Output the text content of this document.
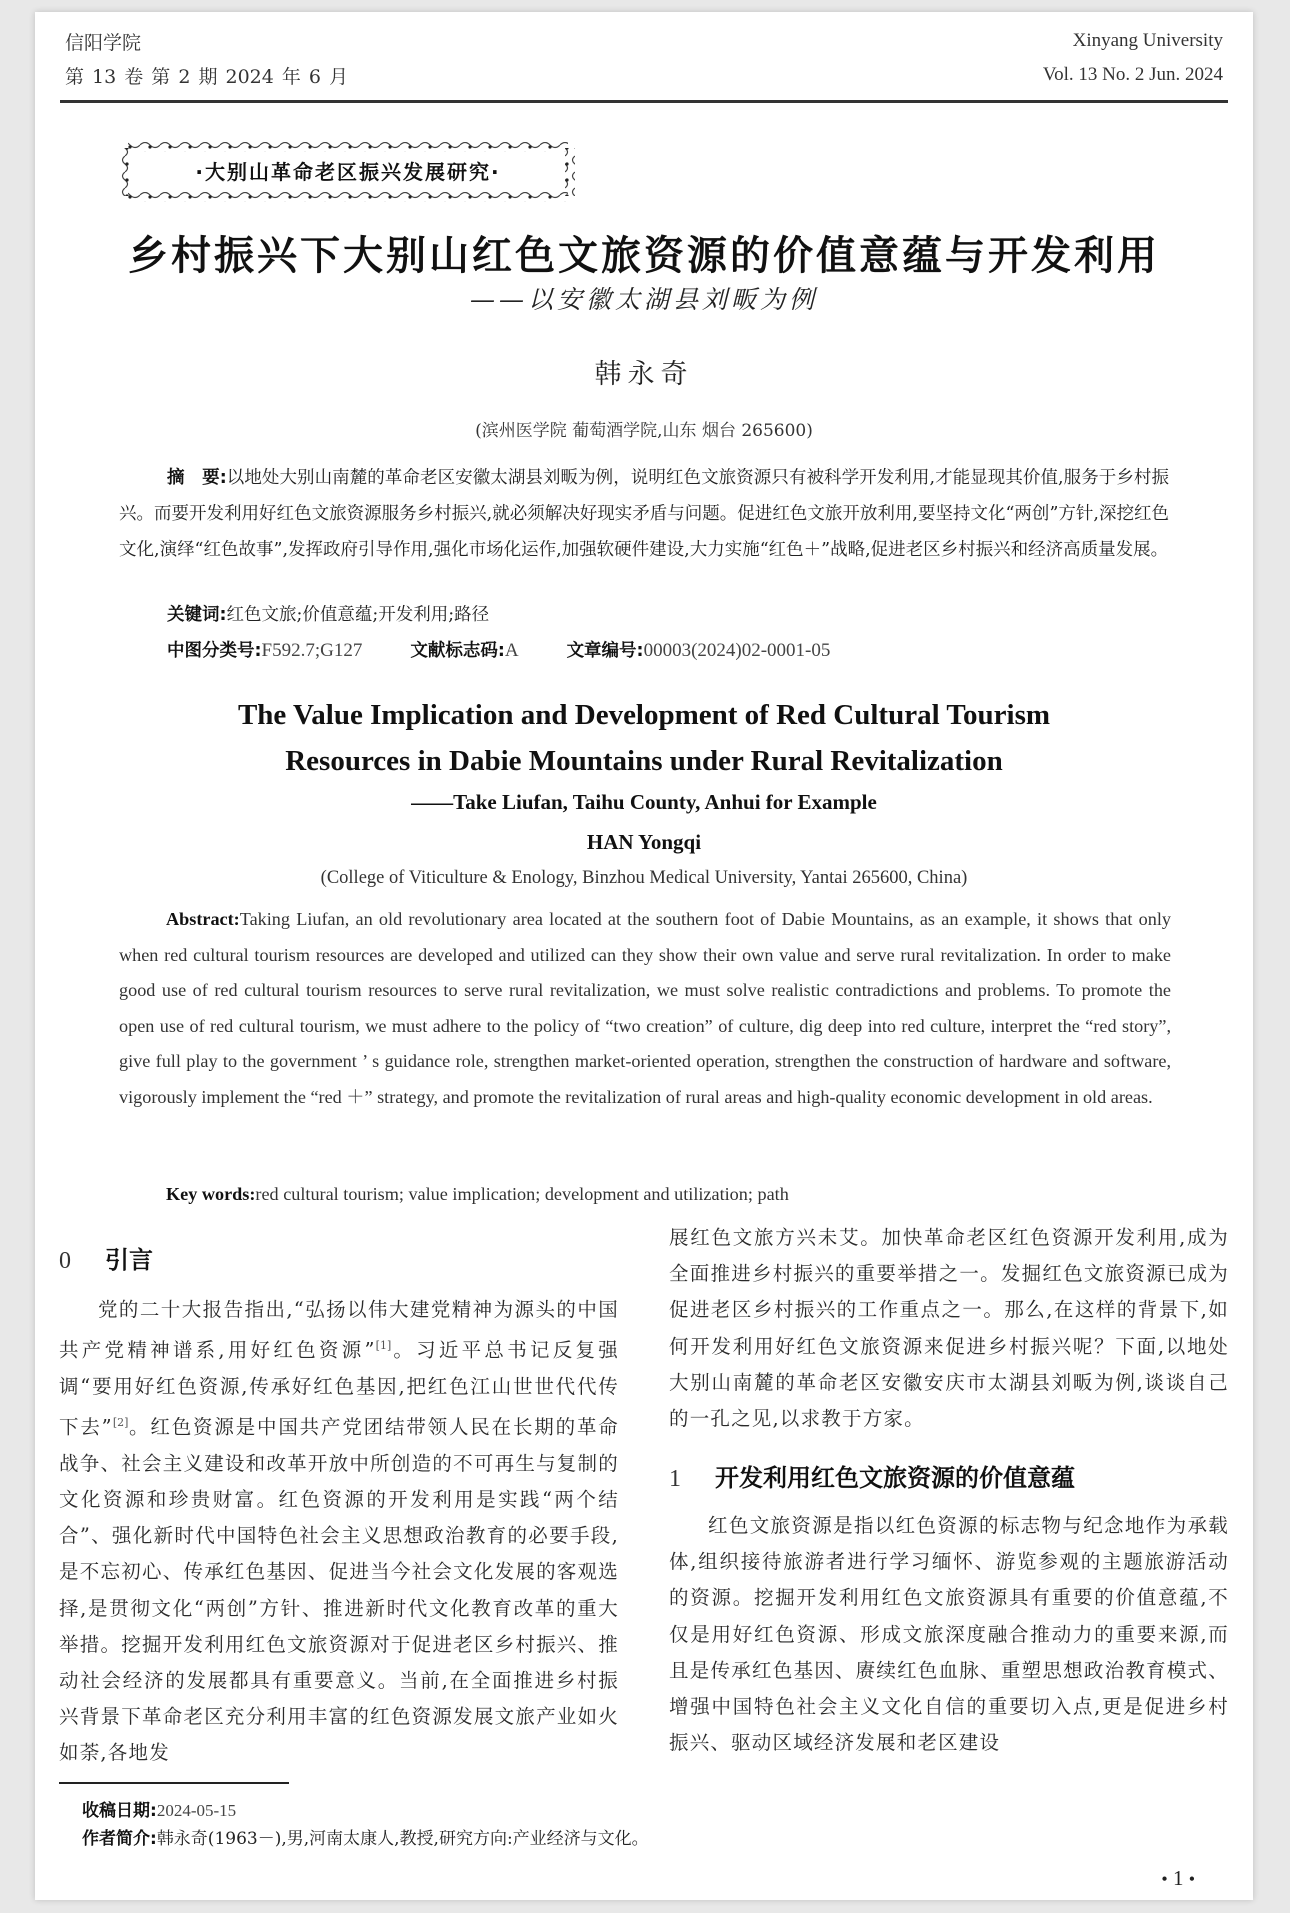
信阳学院
第 13 卷 第 2 期 2024 年 6 月
Xinyang University
Vol. 13 No. 2 Jun. 2024
·大别山革命老区振兴发展研究·
乡村振兴下大别山红色文旅资源的价值意蕴与开发利用
——以安徽太湖县刘畈为例
韩永奇
(滨州医学院 葡萄酒学院,山东 烟台 265600)
摘　要:以地处大别山南麓的革命老区安徽太湖县刘畈为例，说明红色文旅资源只有被科学开发利用,才能显现其价值,服务于乡村振兴。而要开发利用好红色文旅资源服务乡村振兴,就必须解决好现实矛盾与问题。促进红色文旅开放利用,要坚持文化“两创”方针,深挖红色文化,演绎“红色故事”,发挥政府引导作用,强化市场化运作,加强软硬件建设,大力实施“红色＋”战略,促进老区乡村振兴和经济高质量发展。
关键词:红色文旅;价值意蕴;开发利用;路径
中图分类号:F592.7;G127	文献标志码:A	文章编号:00003(2024)02-0001-05
The Value Implication and Development of Red Cultural Tourism Resources in Dabie Mountains under Rural Revitalization
——Take Liufan, Taihu County, Anhui for Example
HAN Yongqi
(College of Viticulture & Enology, Binzhou Medical University, Yantai 265600, China)
Abstract:Taking Liufan, an old revolutionary area located at the southern foot of Dabie Mountains, as an example, it shows that only when red cultural tourism resources are developed and utilized can they show their own value and serve rural revitalization. In order to make good use of red cultural tourism resources to serve rural revitalization, we must solve realistic contradictions and problems. To promote the open use of red cultural tourism, we must adhere to the policy of “two creation” of culture, dig deep into red culture, interpret the “red story”, give full play to the government ’ s guidance role, strengthen market-oriented operation, strengthen the construction of hardware and software, vigorously implement the “red ＋” strategy, and promote the revitalization of rural areas and high-quality economic development in old areas.
Key words:red cultural tourism; value implication; development and utilization; path
0 引言

党的二十大报告指出,“弘扬以伟大建党精神为源头的中国共产党精神谱系,用好红色资源”[1]。习近平总书记反复强调“要用好红色资源,传承好红色基因,把红色江山世世代代传下去”[2]。红色资源是中国共产党团结带领人民在长期的革命战争、社会主义建设和改革开放中所创造的不可再生与复制的文化资源和珍贵财富。红色资源的开发利用是实践“两个结合”、强化新时代中国特色社会主义思想政治教育的必要手段,是不忘初心、传承红色基因、促进当今社会文化发展的客观选择,是贯彻文化“两创”方针、推进新时代文化教育改革的重大举措。挖掘开发利用红色文旅资源对于促进老区乡村振兴、推动社会经济的发展都具有重要意义。当前,在全面推进乡村振兴背景下革命老区充分利用丰富的红色资源发展文旅产业如火如荼,各地发

展红色文旅方兴未艾。加快革命老区红色资源开发利用,成为全面推进乡村振兴的重要举措之一。发掘红色文旅资源已成为促进老区乡村振兴的工作重点之一。那么,在这样的背景下,如何开发利用好红色文旅资源来促进乡村振兴呢？下面,以地处大别山南麓的革命老区安徽安庆市太湖县刘畈为例,谈谈自己的一孔之见,以求教于方家。

1 开发利用红色文旅资源的价值意蕴

红色文旅资源是指以红色资源的标志物与纪念地作为承载体,组织接待旅游者进行学习缅怀、游览参观的主题旅游活动的资源。挖掘开发利用红色文旅资源具有重要的价值意蕴,不仅是用好红色资源、形成文旅深度融合推动力的重要来源,而且是传承红色基因、赓续红色血脉、重塑思想政治教育模式、增强中国特色社会主义文化自信的重要切入点,更是促进乡村振兴、驱动区域经济发展和老区建设

收稿日期:2024-05-15
作者简介:韩永奇(1963－),男,河南太康人,教授,研究方向:产业经济与文化。
• 1 •
